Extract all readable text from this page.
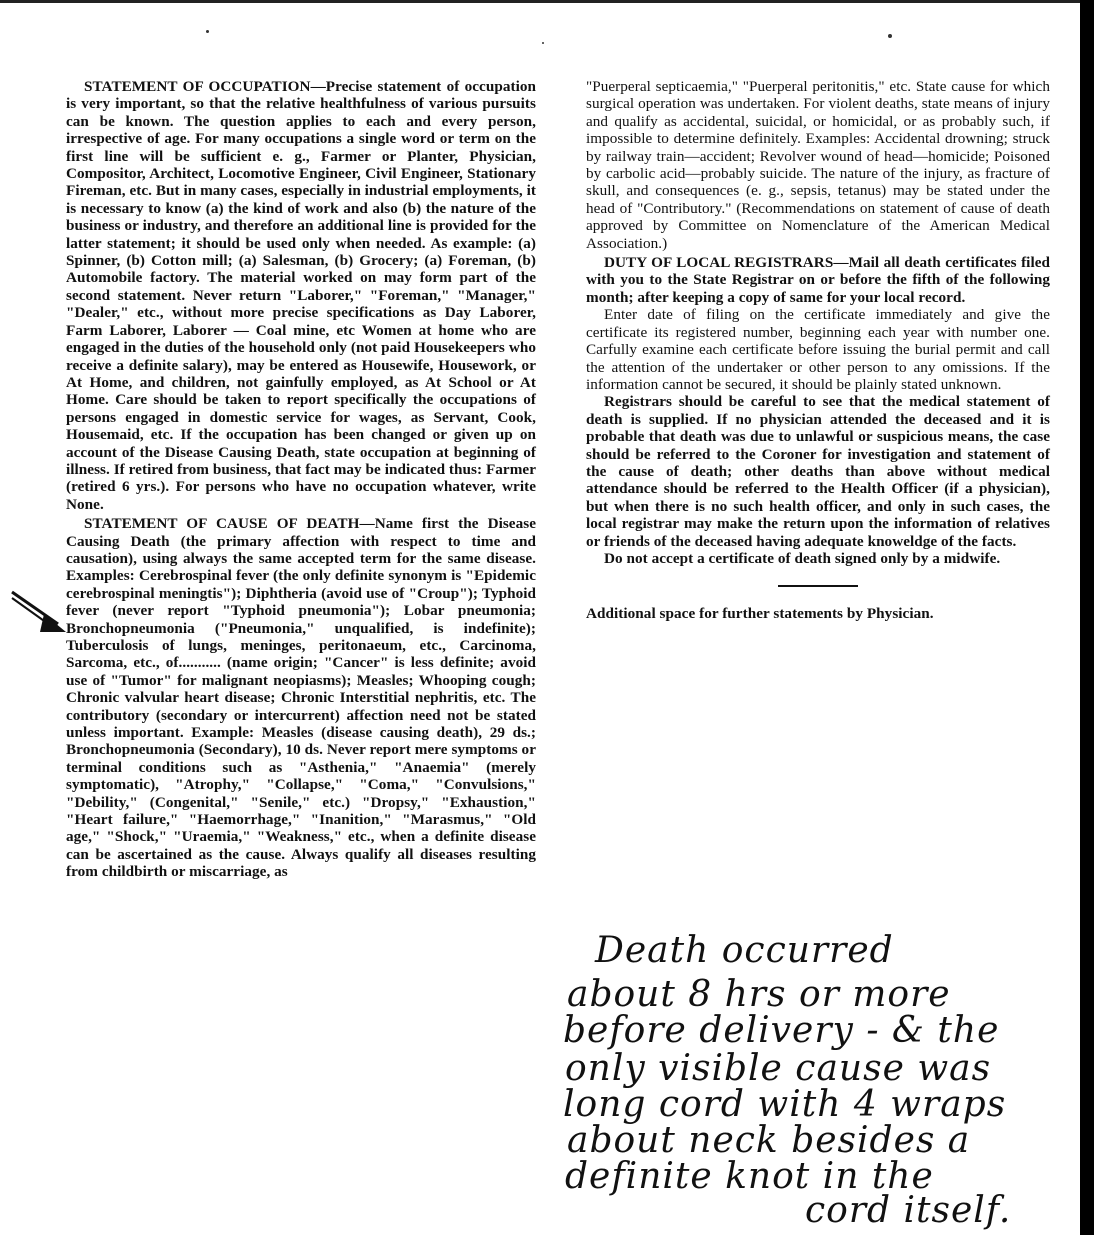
STATEMENT OF OCCUPATION—Precise statement of occupation is very important, so that the relative healthfulness of various pursuits can be known. The question applies to each and every person, irrespective of age. For many occupations a single word or term on the first line will be sufficient e. g., Farmer or Planter, Physician, Compositor, Architect, Locomotive Engineer, Civil Engineer, Stationary Fireman, etc. But in many cases, especially in industrial employments, it is necessary to know (a) the kind of work and also (b) the nature of the business or industry, and therefore an additional line is provided for the latter statement; it should be used only when needed. As example: (a) Spinner, (b) Cotton mill; (a) Salesman, (b) Grocery; (a) Foreman, (b) Automobile factory. The material worked on may form part of the second statement. Never return "Laborer," "Foreman," "Manager," "Dealer," etc., without more precise specifications as Day Laborer, Farm Laborer, Laborer — Coal mine, etc Women at home who are engaged in the duties of the household only (not paid Housekeepers who receive a definite salary), may be entered as Housewife, Housework, or At Home, and children, not gainfully employed, as At School or At Home. Care should be taken to report specifically the occupations of persons engaged in domestic service for wages, as Servant, Cook, Housemaid, etc. If the occupation has been changed or given up on account of the Disease Causing Death, state occupation at beginning of illness. If retired from business, that fact may be indicated thus: Farmer (retired 6 yrs.). For persons who have no occupation whatever, write None.

STATEMENT OF CAUSE OF DEATH—Name first the Disease Causing Death (the primary affection with respect to time and causation), using always the same accepted term for the same disease. Examples: Cerebrospinal fever (the only definite synonym is "Epidemic cerebrospinal meningtis"); Diphtheria (avoid use of "Croup"); Typhoid fever (never report "Typhoid pneumonia"); Lobar pneumonia; Bronchopneumonia ("Pneumonia," unqualified, is indefinite); Tuberculosis of lungs, meninges, peritonaeum, etc., Carcinoma, Sarcoma, etc., of........... (name origin; "Cancer" is less definite; avoid use of "Tumor" for malignant neopiasms); Measles; Whooping cough; Chronic valvular heart disease; Chronic Interstitial nephritis, etc. The contributory (secondary or intercurrent) affection need not be stated unless important. Example: Measles (disease causing death), 29 ds.; Bronchopneumonia (Secondary), 10 ds. Never report mere symptoms or terminal conditions such as "Asthenia," "Anaemia" (merely symptomatic), "Atrophy," "Collapse," "Coma," "Convulsions," "Debility," (Congenital," "Senile," etc.) "Dropsy," "Exhaustion," "Heart failure," "Haemorrhage," "Inanition," "Marasmus," "Old age," "Shock," "Uraemia," "Weakness," etc., when a definite disease can be ascertained as the cause. Always qualify all diseases resulting from childbirth or miscarriage, as

"Puerperal septicaemia," "Puerperal peritonitis," etc. State cause for which surgical operation was undertaken. For violent deaths, state means of injury and qualify as accidental, suicidal, or homicidal, or as probably such, if impossible to determine definitely. Examples: Accidental drowning; struck by railway train—accident; Revolver wound of head—homicide; Poisoned by carbolic acid—probably suicide. The nature of the injury, as fracture of skull, and consequences (e. g., sepsis, tetanus) may be stated under the head of "Contributory." (Recommendations on statement of cause of death approved by Committee on Nomenclature of the American Medical Association.)

DUTY OF LOCAL REGISTRARS—Mail all death certificates filed with you to the State Registrar on or before the fifth of the following month; after keeping a copy of same for your local record.

Enter date of filing on the certificate immediately and give the certificate its registered number, beginning each year with number one. Carfully examine each certificate before issuing the burial permit and call the attention of the undertaker or other person to any omissions. If the information cannot be secured, it should be plainly stated unknown.

Registrars should be careful to see that the medical statement of death is supplied. If no physician attended the deceased and it is probable that death was due to unlawful or suspicious means, the case should be referred to the Coroner for investigation and statement of the cause of death; other deaths than above without medical attendance should be referred to the Health Officer (if a physician), but when there is no such health officer, and only in such cases, the local registrar may make the return upon the information of relatives or friends of the deceased having adequate knoweldge of the facts.

Do not accept a certificate of death signed only by a midwife.

Additional space for further statements by Physician.

Death occurred
about 8 hrs or more
before delivery - & the
only visible cause was
long cord with 4 wraps
about neck besides a
definite knot in the
cord itself.
